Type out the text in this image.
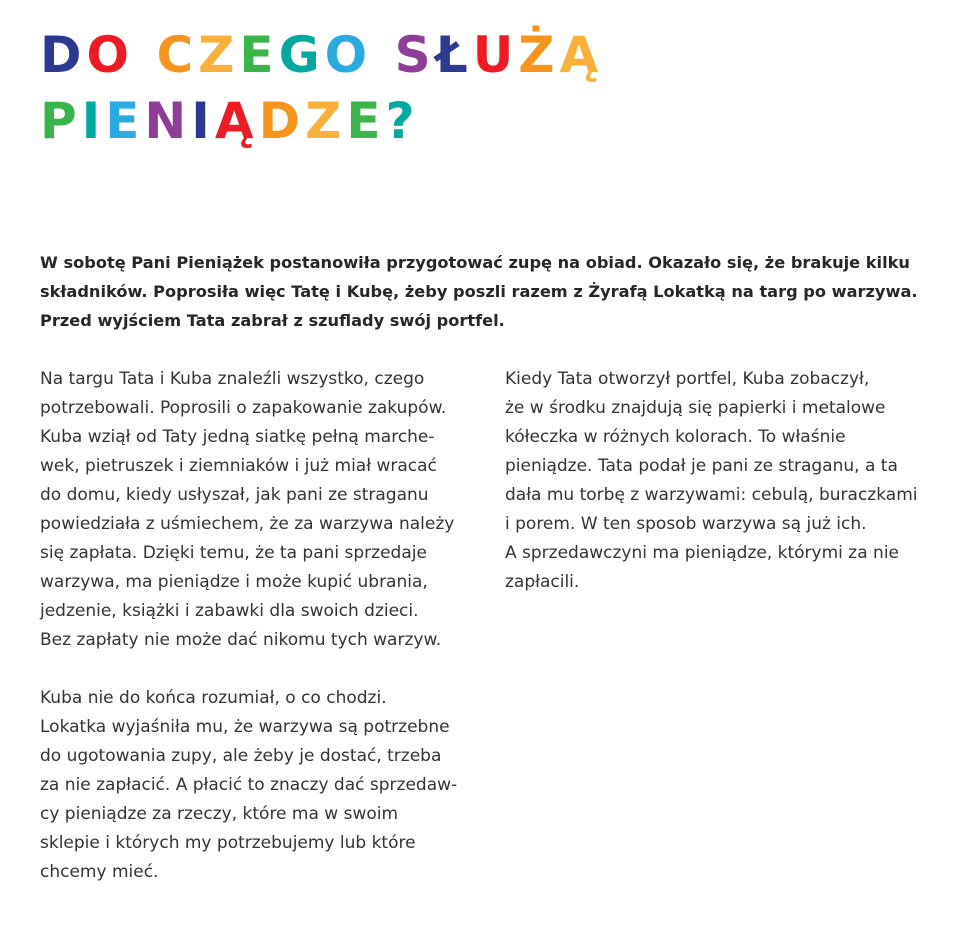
DO CZEGO SŁUŻĄ
PIENIĄDZE?

W sobotę Pani Pieniążek postanowiła przygotować zupę na obiad. Okazało się, że brakuje kilku
składników. Poprosiła więc Tatę i Kubę, żeby poszli razem z Żyrafą Lokatką na targ po warzywa.
Przed wyjściem Tata zabrał z szuflady swój portfel.

Na targu Tata i Kuba znaleźli wszystko, czego
potrzebowali. Poprosili o zapakowanie zakupów.
Kuba wziął od Taty jedną siatkę pełną marche-
wek, pietruszek i ziemniaków i już miał wracać
do domu, kiedy usłyszał, jak pani ze straganu
powiedziała z uśmiechem, że za warzywa należy
się zapłata. Dzięki temu, że ta pani sprzedaje
warzywa, ma pieniądze i może kupić ubrania,
jedzenie, książki i zabawki dla swoich dzieci.
Bez zapłaty nie może dać nikomu tych warzyw.

Kuba nie do końca rozumiał, o co chodzi.
Lokatka wyjaśniła mu, że warzywa są potrzebne
do ugotowania zupy, ale żeby je dostać, trzeba
za nie zapłacić. A płacić to znaczy dać sprzedaw-
cy pieniądze za rzeczy, które ma w swoim
sklepie i których my potrzebujemy lub które
chcemy mieć.

Kiedy Tata otworzył portfel, Kuba zobaczył,
że w środku znajdują się papierki i metalowe
kółeczka w różnych kolorach. To właśnie
pieniądze. Tata podał je pani ze straganu, a ta
dała mu torbę z warzywami: cebulą, buraczkami
i porem. W ten sposob warzywa są już ich.
A sprzedawczyni ma pieniądze, którymi za nie
zapłacili.
